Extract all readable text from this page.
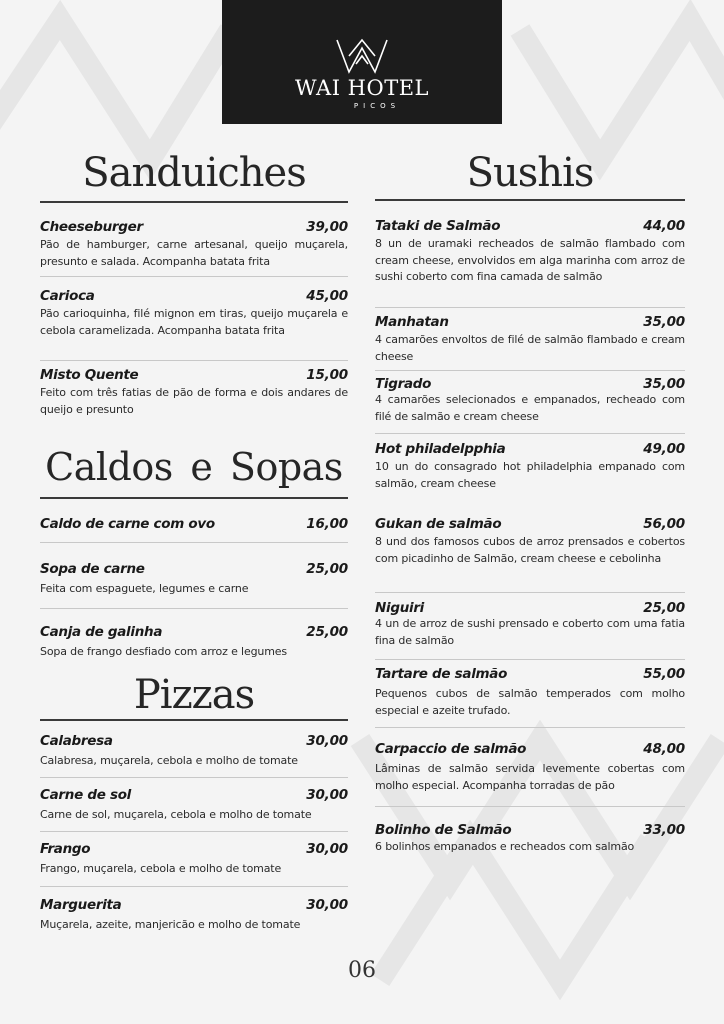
WAI HOTEL
PICOS
Sanduiches
Cheeseburger	39,00
Pão de hamburger, carne artesanal, queijo muçarela, presunto e salada. Acompanha batata frita
Carioca	45,00
Pão carioquinha, filé mignon em tiras, queijo muçarela e cebola caramelizada. Acompanha batata frita
Misto Quente	15,00
Feito com três fatias de pão de forma e dois andares de queijo e presunto
Caldos e Sopas
Caldo de carne com ovo	16,00
Sopa de carne	25,00
Feita com espaguete, legumes e carne
Canja de galinha	25,00
Sopa de frango desfiado com arroz e legumes
Pizzas
Calabresa	30,00
Calabresa, muçarela, cebola e molho de tomate
Carne de sol	30,00
Carne de sol, muçarela, cebola e molho de tomate
Frango	30,00
Frango, muçarela, cebola e molho de tomate
Marguerita	30,00
Muçarela, azeite, manjericão e molho de tomate
Sushis
Tataki de Salmão	44,00
8 un de uramaki recheados de salmão flambado com cream cheese, envolvidos em alga marinha com arroz de sushi coberto com fina camada de salmão
Manhatan	35,00
4 camarões envoltos de filé de salmão flambado e cream cheese
Tigrado	35,00
4 camarões selecionados e empanados, recheado com filé de salmão e cream cheese
Hot philadelpphia	49,00
10 un do consagrado hot philadelphia empanado com salmão, cream cheese
Gukan de salmão	56,00
8 und dos famosos cubos de arroz prensados e cobertos com picadinho de Salmão, cream cheese e cebolinha
Niguiri	25,00
4 un de arroz de sushi prensado e coberto com uma fatia fina de salmão
Tartare de salmão	55,00
Pequenos cubos de salmão temperados com molho especial e azeite trufado.
Carpaccio de salmão	48,00
Lâminas de salmão servida levemente cobertas com molho especial. Acompanha torradas de pão
Bolinho de Salmão	33,00
6 bolinhos empanados e recheados com salmão
06
